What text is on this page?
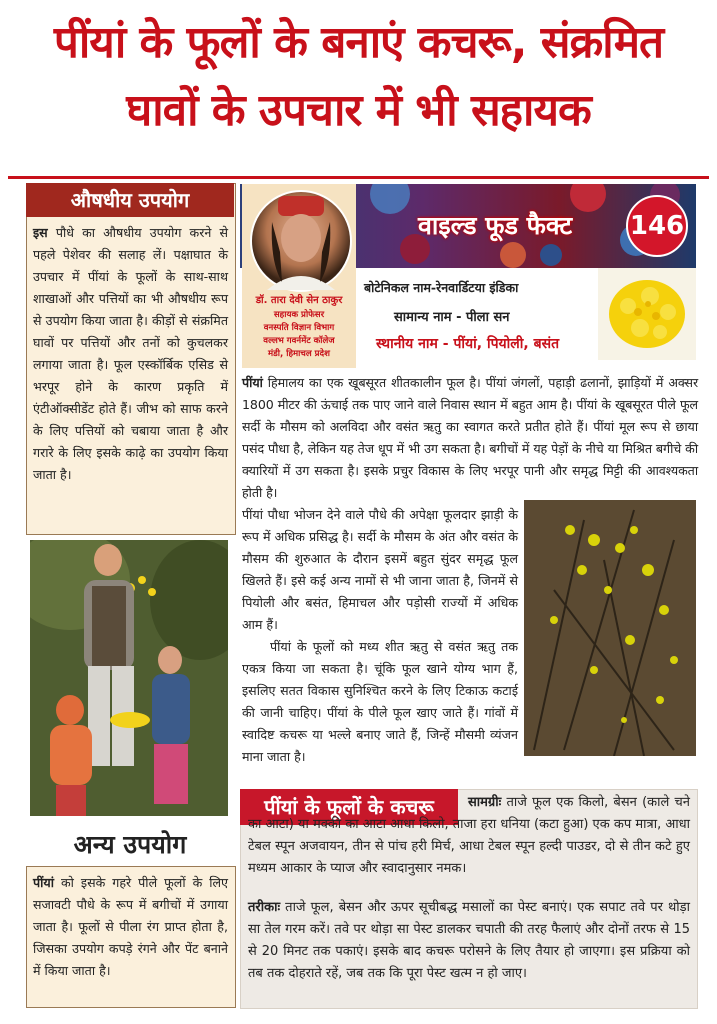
पींयां के फूलों के बनाएं कचरू, संक्रमित
घावों के उपचार में भी सहायक
औषधीय उपयोग
इस पौधे का औषधीय उपयोग करने से पहले पेशेवर की सलाह लें। पक्षाघात के उपचार में पींयां के फूलों के साथ-साथ शाखाओं और पत्तियों का भी औषधीय रूप से उपयोग किया जाता है। कीड़ों से संक्रमित घावों पर पत्तियों और तनों को कुचलकर लगाया जाता है। फूल एस्कॉर्बिक एसिड से भरपूर होने के कारण प्रकृति में एंटीऑक्सीडेंट होते हैं। जीभ को साफ करने के लिए पत्तियों को चबाया जाता है और गरारे के लिए इसके काढ़े का उपयोग किया जाता है।
अन्य उपयोग
पींयां को इसके गहरे पीले फूलों के लिए सजावटी पौधे के रूप में बगीचों में उगाया जाता है। फूलों से पीला रंग प्राप्त होता है, जिसका उपयोग कपड़े रंगने और पेंट बनाने में किया जाता है।
वाइल्ड फूड फैक्ट 146
डॉ. तारा देवी सेन ठाकुर
सहायक प्रोफेसर
वनस्पति विज्ञान विभाग
वल्लभ गवर्नमेंट कॉलेज
मंडी, हिमाचल प्रदेश
बोटेनिकल नाम-रेनवार्डिटया इंडिका
सामान्य नाम - पीला सन
स्थानीय नाम - पींयां, पियोली, बसंत
पींयां हिमालय का एक खूबसूरत शीतकालीन फूल है। पींयां जंगलों, पहाड़ी ढलानों, झाड़ियों में अक्सर 1800 मीटर की ऊंचाई तक पाए जाने वाले निवास स्थान में बहुत आम है। पींयां के खूबसूरत पीले फूल सर्दी के मौसम को अलविदा और वसंत ऋतु का स्वागत करते प्रतीत होते हैं। पींयां मूल रूप से छाया पसंद पौधा है, लेकिन यह तेज धूप में भी उग सकता है। बगीचों में यह पेड़ों के नीचे या मिश्रित बगीचे की क्यारियों में उग सकता है। इसके प्रचुर विकास के लिए भरपूर पानी और समृद्ध मिट्टी की आवश्यकता होती है।
पींयां पौधा भोजन देने वाले पौधे की अपेक्षा फूलदार झाड़ी के रूप में अधिक प्रसिद्ध है। सर्दी के मौसम के अंत और वसंत के मौसम की शुरुआत के दौरान इसमें बहुत सुंदर समृद्ध फूल खिलते हैं। इसे कई अन्य नामों से भी जाना जाता है, जिनमें से पियोली और बसंत, हिमाचल और पड़ोसी राज्यों में अधिक आम हैं।
पींयां के फूलों को मध्य शीत ऋतु से वसंत ऋतु तक एकत्र किया जा सकता है। चूंकि फूल खाने योग्य भाग हैं, इसलिए सतत विकास सुनिश्चित करने के लिए टिकाऊ कटाई की जानी चाहिए। पींयां के पीले फूल खाए जाते हैं। गांवों में स्वादिष्ट कचरू या भल्ले बनाए जाते हैं, जिन्हें मौसमी व्यंजन माना जाता है।
पींयां के फूलों के कचरू	सामग्रीः ताजे फूल एक किलो, बेसन (काले चने का आटा) या मक्की का आटा आधा किलो, ताजा हरा धनिया (कटा हुआ) एक कप मात्रा, आधा टेबल स्पून अजवायन, तीन से पांच हरी मिर्च, आधा टेबल स्पून हल्दी पाउडर, दो से तीन कटे हुए मध्यम आकार के प्याज और स्वादानुसार नमक।
तरीकाः ताजे फूल, बेसन और ऊपर सूचीबद्ध मसालों का पेस्ट बनाएं। एक सपाट तवे पर थोड़ा सा तेल गरम करें। तवे पर थोड़ा सा पेस्ट डालकर चपाती की तरह फैलाएं और दोनों तरफ से 15 से 20 मिनट तक पकाएं। इसके बाद कचरू परोसने के लिए तैयार हो जाएगा। इस प्रक्रिया को तब तक दोहराते रहें, जब तक कि पूरा पेस्ट खत्म न हो जाए।
